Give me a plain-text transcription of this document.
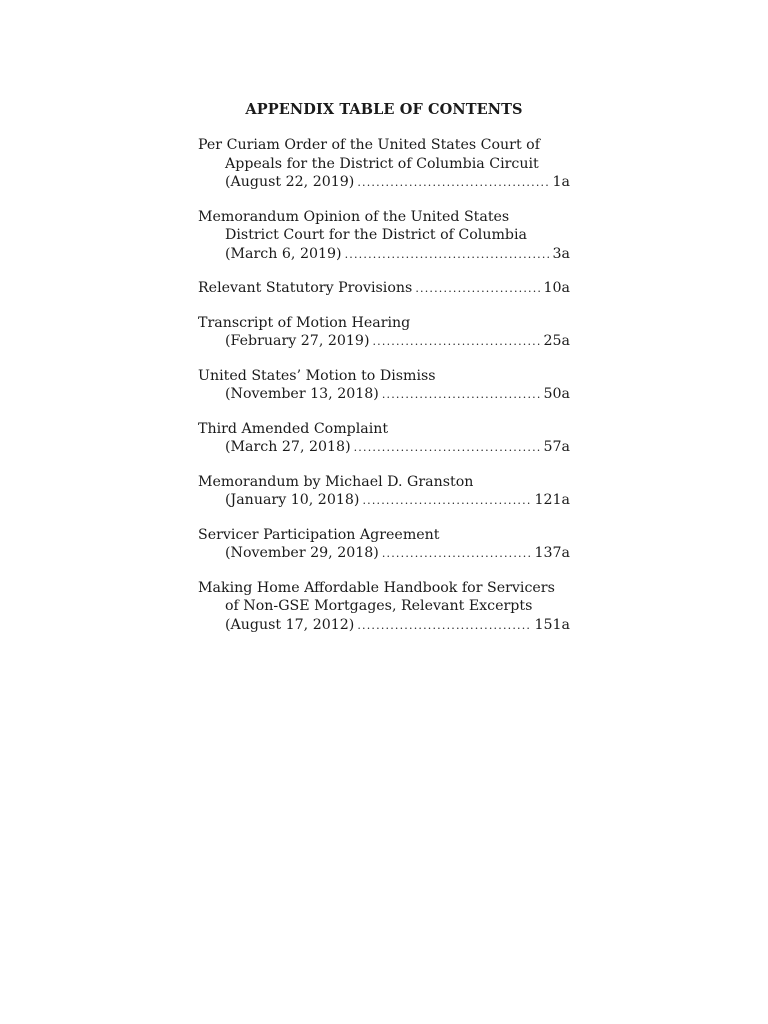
APPENDIX TABLE OF CONTENTS
Per Curiam Order of the United States Court of
Appeals for the District of Columbia Circuit
(August 22, 2019) .....	1a
Memorandum Opinion of the United States
District Court for the District of Columbia
(March 6, 2019) .....	3a
Relevant Statutory Provisions .....	10a
Transcript of Motion Hearing
(February 27, 2019) .....	25a
United States’ Motion to Dismiss
(November 13, 2018) .....	50a
Third Amended Complaint
(March 27, 2018) .....	57a
Memorandum by Michael D. Granston
(January 10, 2018) .....	121a
Servicer Participation Agreement
(November 29, 2018) .....	137a
Making Home Affordable Handbook for Servicers
of Non-GSE Mortgages, Relevant Excerpts
(August 17, 2012) .....	151a
